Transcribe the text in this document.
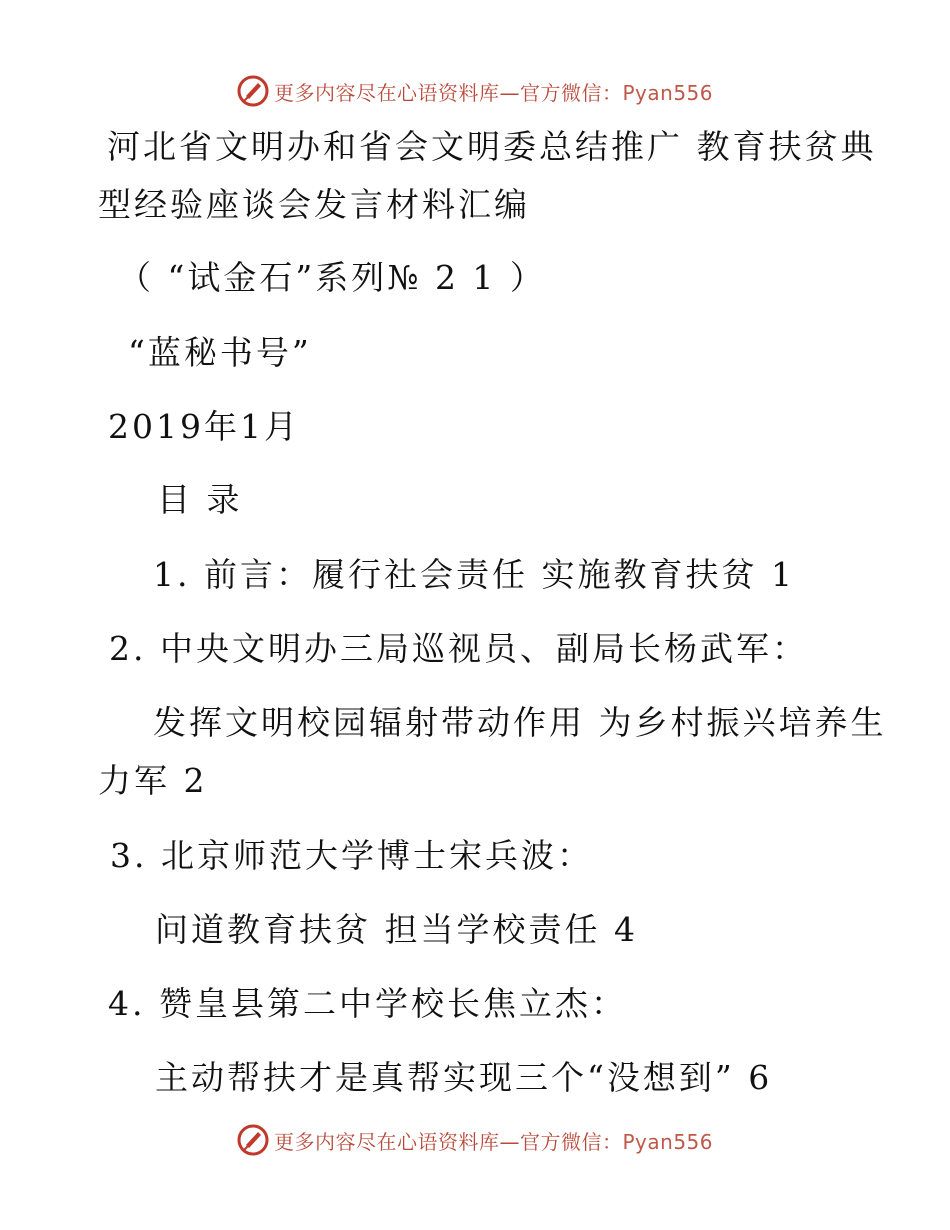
更多内容尽在心语资料库—官方微信：Pyan556
河北省文明办和省会文明委总结推广 教育扶贫典
型经验座谈会发言材料汇编
（ “试金石”系列№ 2 1 ）
“蓝秘书号”
2019年1月
目 录
1. 前言：履行社会责任 实施教育扶贫 1
2. 中央文明办三局巡视员、副局长杨武军：
发挥文明校园辐射带动作用 为乡村振兴培养生
力军 2
3. 北京师范大学博士宋兵波：
问道教育扶贫 担当学校责任 4
4. 赞皇县第二中学校长焦立杰：
主动帮扶才是真帮实现三个“没想到” 6
更多内容尽在心语资料库—官方微信：Pyan556
